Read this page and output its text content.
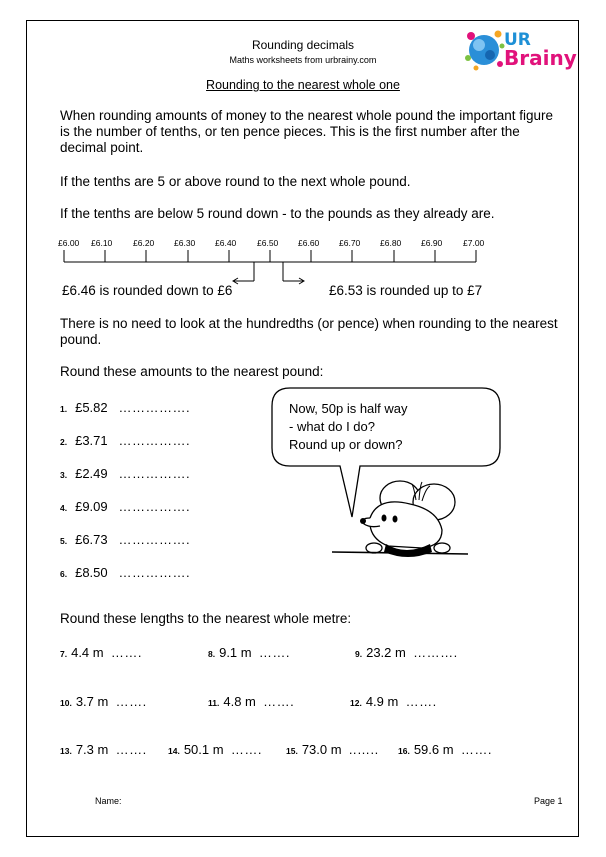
Rounding decimals
Maths worksheets from urbrainy.com
UR
Brainy
Rounding to the nearest whole one
When rounding amounts of money to the nearest whole pound the important figure is the number of tenths, or ten pence pieces. This is the first number after the decimal point.
If the tenths are 5 or above round to the next whole pound.
If the tenths are below 5 round down - to the pounds as they already are.
£6.00 £6.10 £6.20 £6.30 £6.40 £6.50 £6.60 £6.70 £6.80 £6.90 £7.00
£6.46 is rounded down to £6	£6.53 is rounded up to £7
There is no need to look at the hundredths (or pence) when rounding to the nearest pound.
Round these amounts to the nearest pound:
1. £5.82 …………….
2. £3.71 …………….
3. £2.49 …………….
4. £9.09 …………….
5. £6.73 …………….
6. £8.50 …………….
Now, 50p is half way
- what do I do?
Round up or down?
Round these lengths to the nearest whole metre:
7. 4.4 m …….	8. 9.1 m …….	9. 23.2 m ……….
10. 3.7 m …….	11. 4.8 m …….	12. 4.9 m …….
13. 7.3 m …….	14. 50.1 m …….	15. 73.0 m ..….. 16. 59.6 m …….
Name:	Page 1
